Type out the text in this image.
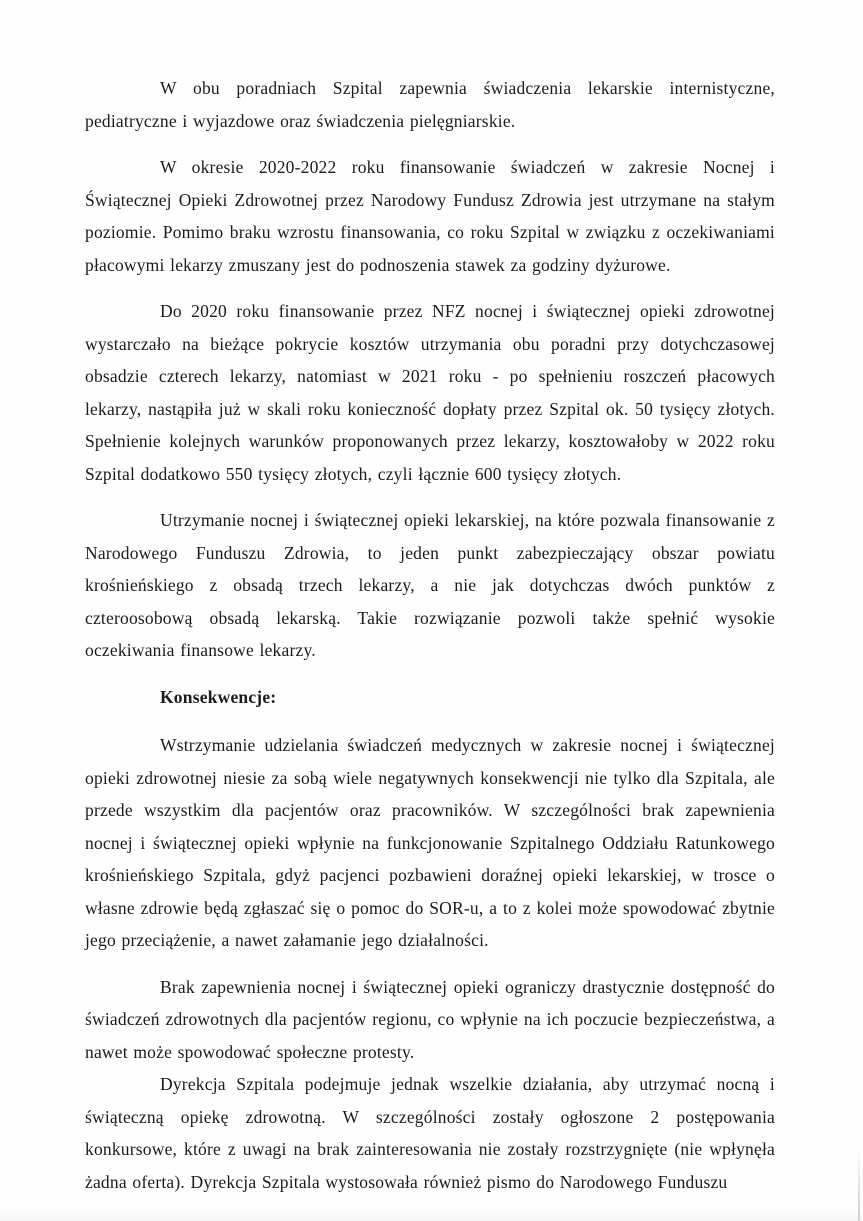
W obu poradniach Szpital zapewnia świadczenia lekarskie internistyczne, pediatryczne i wyjazdowe oraz świadczenia pielęgniarskie.

W okresie 2020-2022 roku finansowanie świadczeń w zakresie Nocnej i Świątecznej Opieki Zdrowotnej przez Narodowy Fundusz Zdrowia jest utrzymane na stałym poziomie. Pomimo braku wzrostu finansowania, co roku Szpital w związku z oczekiwaniami płacowymi lekarzy zmuszany jest do podnoszenia stawek za godziny dyżurowe.

Do 2020 roku finansowanie przez NFZ nocnej i świątecznej opieki zdrowotnej wystarczało na bieżące pokrycie kosztów utrzymania obu poradni przy dotychczasowej obsadzie czterech lekarzy, natomiast w 2021 roku - po spełnieniu roszczeń płacowych lekarzy, nastąpiła już w skali roku konieczność dopłaty przez Szpital ok. 50 tysięcy złotych. Spełnienie kolejnych warunków proponowanych przez lekarzy, kosztowałoby w 2022 roku Szpital dodatkowo 550 tysięcy złotych, czyli łącznie 600 tysięcy złotych.

Utrzymanie nocnej i świątecznej opieki lekarskiej, na które pozwala finansowanie z Narodowego Funduszu Zdrowia, to jeden punkt zabezpieczający obszar powiatu krośnieńskiego z obsadą trzech lekarzy, a nie jak dotychczas dwóch punktów z czteroosobową obsadą lekarską. Takie rozwiązanie pozwoli także spełnić wysokie oczekiwania finansowe lekarzy.

Konsekwencje:

Wstrzymanie udzielania świadczeń medycznych w zakresie nocnej i świątecznej opieki zdrowotnej niesie za sobą wiele negatywnych konsekwencji nie tylko dla Szpitala, ale przede wszystkim dla pacjentów oraz pracowników. W szczególności brak zapewnienia nocnej i świątecznej opieki wpłynie na funkcjonowanie Szpitalnego Oddziału Ratunkowego krośnieńskiego Szpitala, gdyż pacjenci pozbawieni doraźnej opieki lekarskiej, w trosce o własne zdrowie będą zgłaszać się o pomoc do SOR-u, a to z kolei może spowodować zbytnie jego przeciążenie, a nawet załamanie jego działalności.

Brak zapewnienia nocnej i świątecznej opieki ograniczy drastycznie dostępność do świadczeń zdrowotnych dla pacjentów regionu, co wpłynie na ich poczucie bezpieczeństwa, a nawet może spowodować społeczne protesty.

Dyrekcja Szpitala podejmuje jednak wszelkie działania, aby utrzymać nocną i świąteczną opiekę zdrowotną. W szczególności zostały ogłoszone 2 postępowania konkursowe, które z uwagi na brak zainteresowania nie zostały rozstrzygnięte (nie wpłynęła żadna oferta). Dyrekcja Szpitala wystosowała również pismo do Narodowego Funduszu
